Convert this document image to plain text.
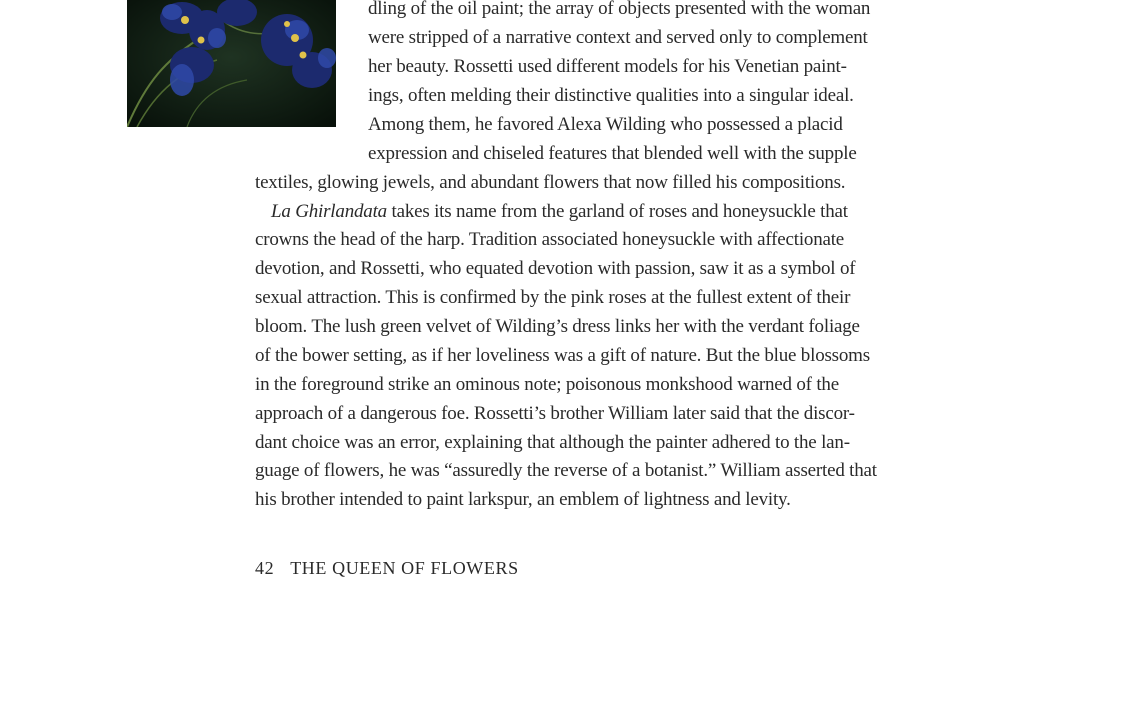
dling of the oil paint; the array of objects presented with the woman
were stripped of a narrative context and served only to complement
her beauty. Rossetti used different models for his Venetian paint-
ings, often melding their distinctive qualities into a singular ideal.
Among them, he favored Alexa Wilding who possessed a placid
expression and chiseled features that blended well with the supple
textiles, glowing jewels, and abundant flowers that now filled his compositions.
La Ghirlandata takes its name from the garland of roses and honeysuckle that
crowns the head of the harp. Tradition associated honeysuckle with affectionate
devotion, and Rossetti, who equated devotion with passion, saw it as a symbol of
sexual attraction. This is confirmed by the pink roses at the fullest extent of their
bloom. The lush green velvet of Wilding’s dress links her with the verdant foliage
of the bower setting, as if her loveliness was a gift of nature. But the blue blossoms
in the foreground strike an ominous note; poisonous monkshood warned of the
approach of a dangerous foe. Rossetti’s brother William later said that the discor-
dant choice was an error, explaining that although the painter adhered to the lan-
guage of flowers, he was “assuredly the reverse of a botanist.” William asserted that
his brother intended to paint larkspur, an emblem of lightness and levity.
42 THE QUEEN OF FLOWERS
